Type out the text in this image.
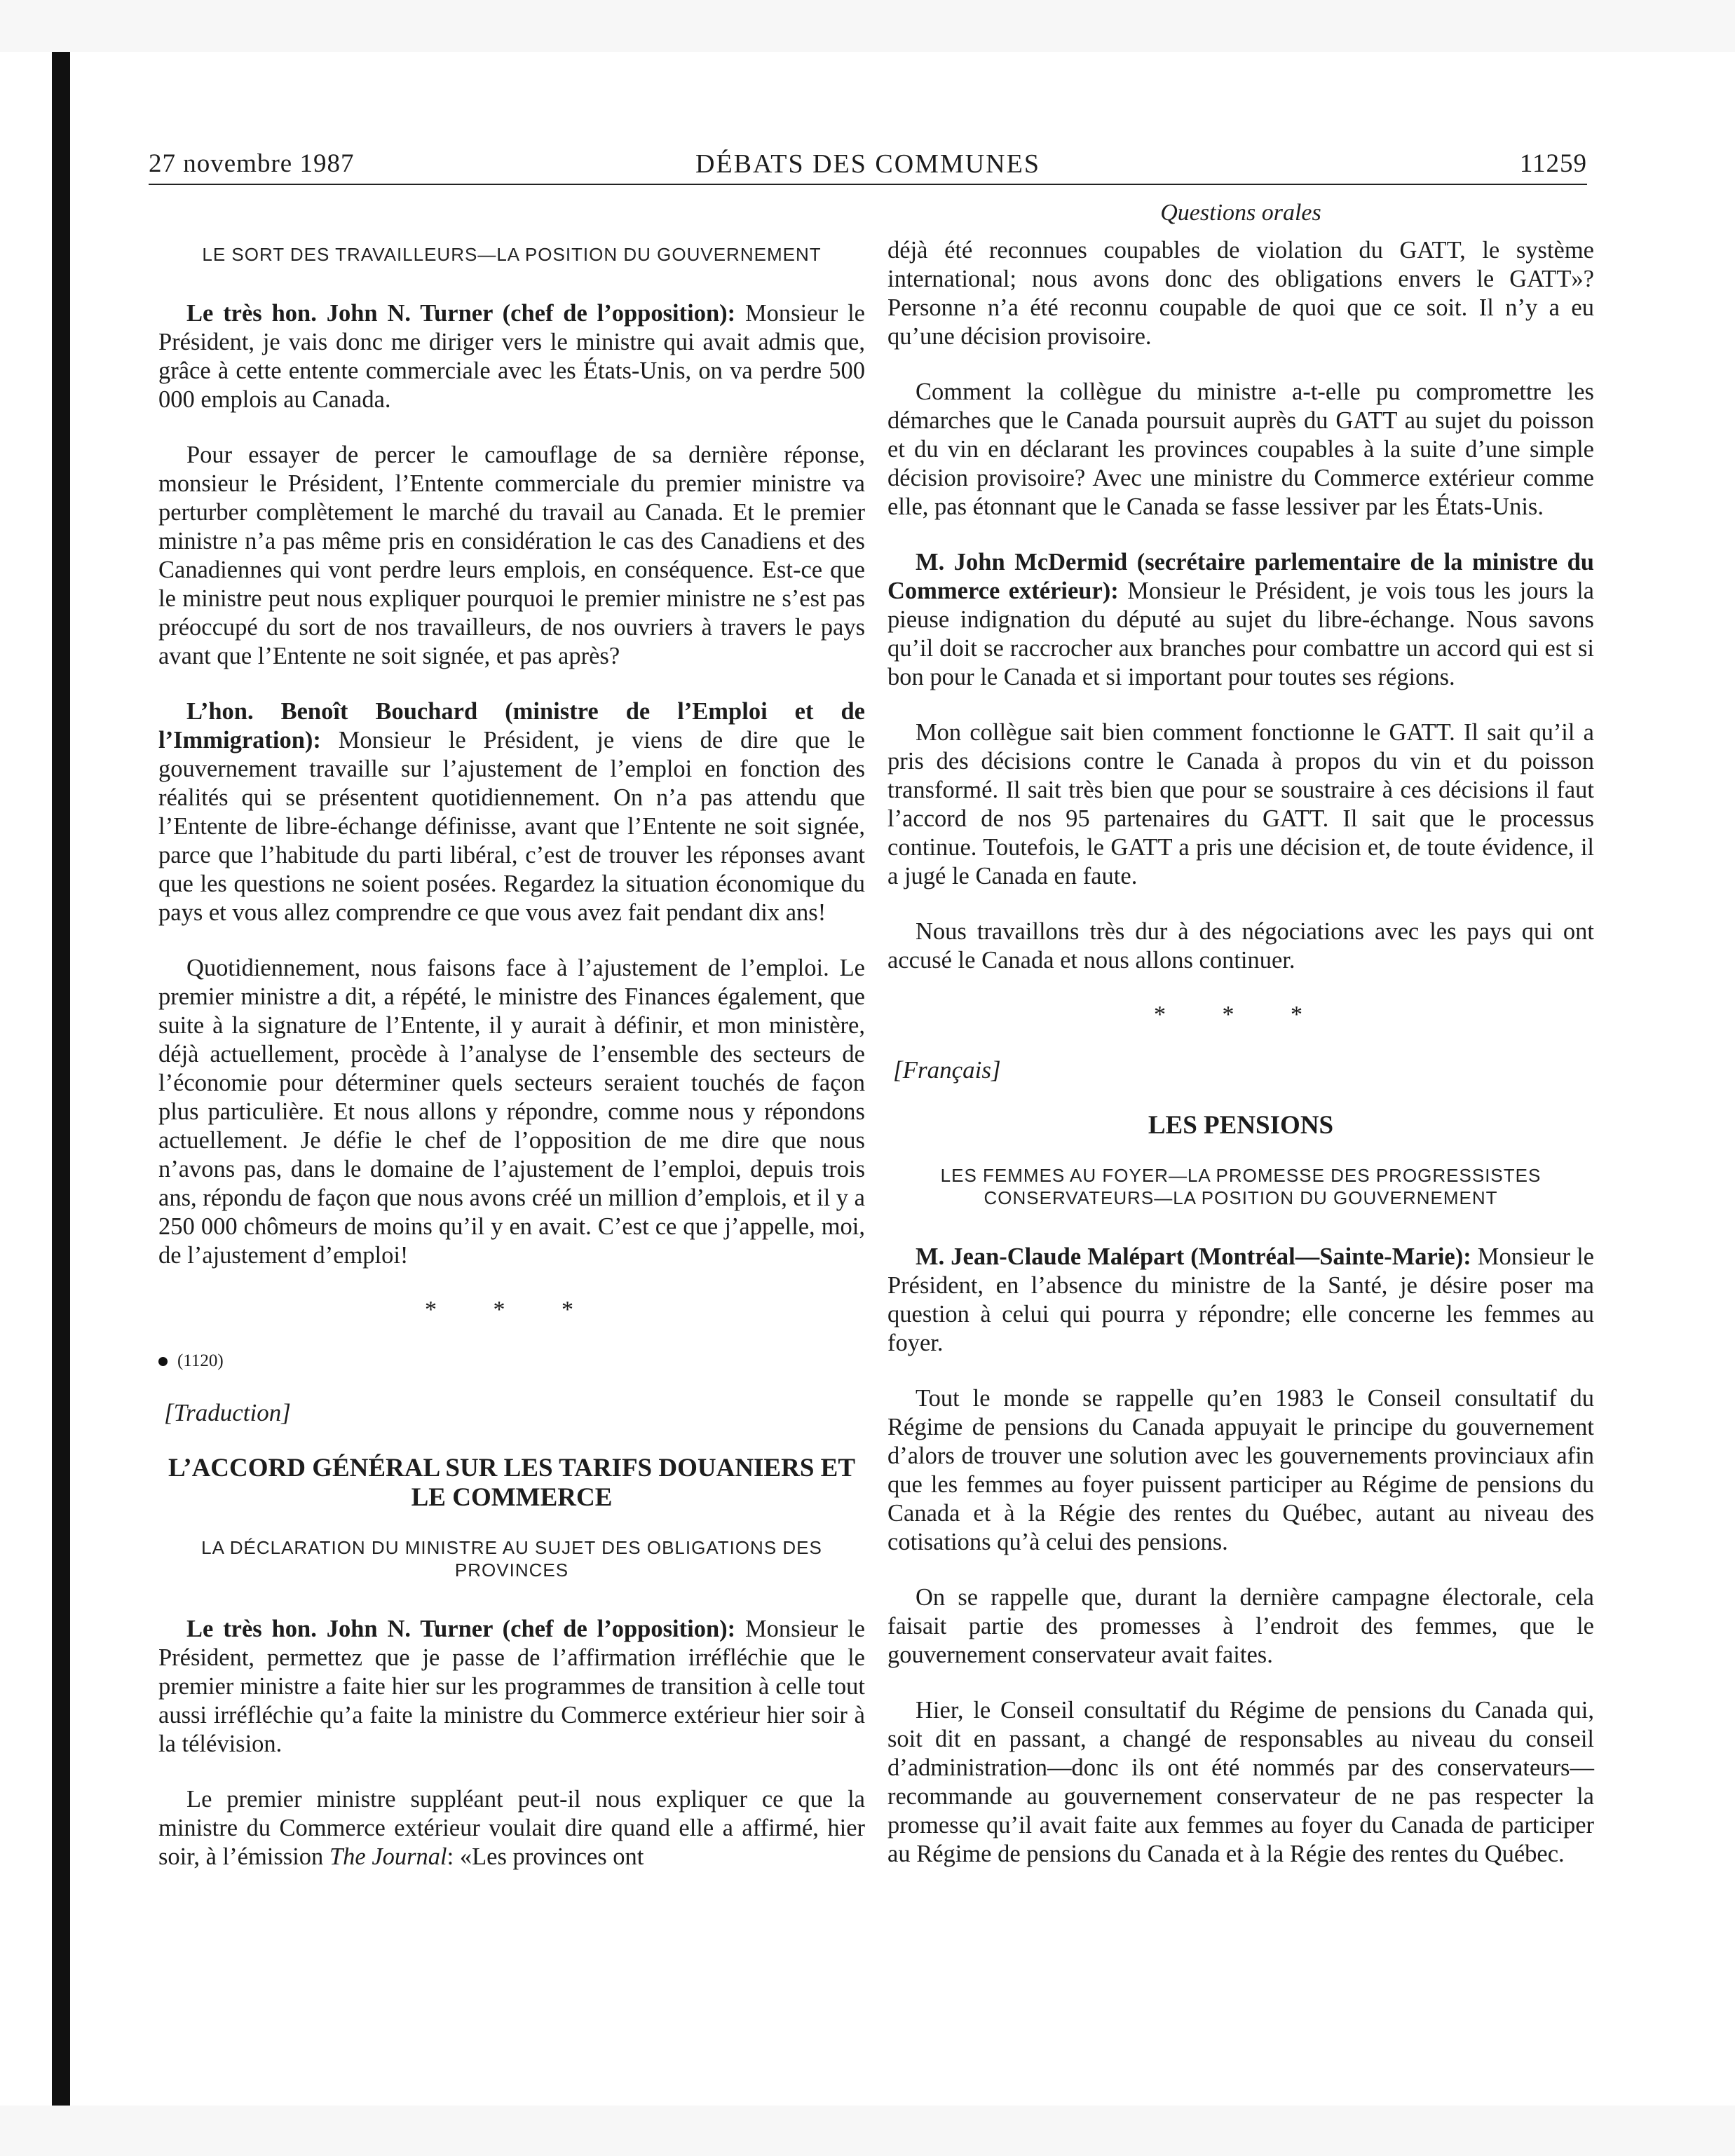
27 novembre 1987	DÉBATS DES COMMUNES	11259
LE SORT DES TRAVAILLEURS—LA POSITION DU GOUVERNEMENT

Le très hon. John N. Turner (chef de l’opposition): Monsieur le Président, je vais donc me diriger vers le ministre qui avait admis que, grâce à cette entente commerciale avec les États-Unis, on va perdre 500 000 emplois au Canada.

Pour essayer de percer le camouflage de sa dernière réponse, monsieur le Président, l’Entente commerciale du premier ministre va perturber complètement le marché du travail au Canada. Et le premier ministre n’a pas même pris en considération le cas des Canadiens et des Canadiennes qui vont perdre leurs emplois, en conséquence. Est-ce que le ministre peut nous expliquer pourquoi le premier ministre ne s’est pas préoccupé du sort de nos travailleurs, de nos ouvriers à travers le pays avant que l’Entente ne soit signée, et pas après?

L’hon. Benoît Bouchard (ministre de l’Emploi et de l’Immigration): Monsieur le Président, je viens de dire que le gouvernement travaille sur l’ajustement de l’emploi en fonction des réalités qui se présentent quotidiennement. On n’a pas attendu que l’Entente de libre-échange définisse, avant que l’Entente ne soit signée, parce que l’habitude du parti libéral, c’est de trouver les réponses avant que les questions ne soient posées. Regardez la situation économique du pays et vous allez comprendre ce que vous avez fait pendant dix ans!

Quotidiennement, nous faisons face à l’ajustement de l’emploi. Le premier ministre a dit, a répété, le ministre des Finances également, que suite à la signature de l’Entente, il y aurait à définir, et mon ministère, déjà actuellement, procède à l’analyse de l’ensemble des secteurs de l’économie pour déterminer quels secteurs seraient touchés de façon plus particulière. Et nous allons y répondre, comme nous y répondons actuellement. Je défie le chef de l’opposition de me dire que nous n’avons pas, dans le domaine de l’ajustement de l’emploi, depuis trois ans, répondu de façon que nous avons créé un million d’emplois, et il y a 250 000 chômeurs de moins qu’il y en avait. C’est ce que j’appelle, moi, de l’ajustement d’emploi!

* * *
(1120)
[Traduction]
L’ACCORD GÉNÉRAL SUR LES TARIFS DOUANIERS ET LE COMMERCE
LA DÉCLARATION DU MINISTRE AU SUJET DES OBLIGATIONS DES PROVINCES

Le très hon. John N. Turner (chef de l’opposition): Monsieur le Président, permettez que je passe de l’affirmation irréfléchie que le premier ministre a faite hier sur les programmes de transition à celle tout aussi irréfléchie qu’a faite la ministre du Commerce extérieur hier soir à la télévision.

Le premier ministre suppléant peut-il nous expliquer ce que la ministre du Commerce extérieur voulait dire quand elle a affirmé, hier soir, à l’émission The Journal: «Les provinces ont

Questions orales

déjà été reconnues coupables de violation du GATT, le système international; nous avons donc des obligations envers le GATT»? Personne n’a été reconnu coupable de quoi que ce soit. Il n’y a eu qu’une décision provisoire.

Comment la collègue du ministre a-t-elle pu compromettre les démarches que le Canada poursuit auprès du GATT au sujet du poisson et du vin en déclarant les provinces coupables à la suite d’une simple décision provisoire? Avec une ministre du Commerce extérieur comme elle, pas étonnant que le Canada se fasse lessiver par les États-Unis.

M. John McDermid (secrétaire parlementaire de la ministre du Commerce extérieur): Monsieur le Président, je vois tous les jours la pieuse indignation du député au sujet du libre-échange. Nous savons qu’il doit se raccrocher aux branches pour combattre un accord qui est si bon pour le Canada et si important pour toutes ses régions.

Mon collègue sait bien comment fonctionne le GATT. Il sait qu’il a pris des décisions contre le Canada à propos du vin et du poisson transformé. Il sait très bien que pour se soustraire à ces décisions il faut l’accord de nos 95 partenaires du GATT. Il sait que le processus continue. Toutefois, le GATT a pris une décision et, de toute évidence, il a jugé le Canada en faute.

Nous travaillons très dur à des négociations avec les pays qui ont accusé le Canada et nous allons continuer.

* * *
[Français]
LES PENSIONS
LES FEMMES AU FOYER—LA PROMESSE DES PROGRESSISTES CONSERVATEURS—LA POSITION DU GOUVERNEMENT

M. Jean-Claude Malépart (Montréal—Sainte-Marie): Monsieur le Président, en l’absence du ministre de la Santé, je désire poser ma question à celui qui pourra y répondre; elle concerne les femmes au foyer.

Tout le monde se rappelle qu’en 1983 le Conseil consultatif du Régime de pensions du Canada appuyait le principe du gouvernement d’alors de trouver une solution avec les gouvernements provinciaux afin que les femmes au foyer puissent participer au Régime de pensions du Canada et à la Régie des rentes du Québec, autant au niveau des cotisations qu’à celui des pensions.

On se rappelle que, durant la dernière campagne électorale, cela faisait partie des promesses à l’endroit des femmes, que le gouvernement conservateur avait faites.

Hier, le Conseil consultatif du Régime de pensions du Canada qui, soit dit en passant, a changé de responsables au niveau du conseil d’administration—donc ils ont été nommés par des conservateurs—recommande au gouvernement conservateur de ne pas respecter la promesse qu’il avait faite aux femmes au foyer du Canada de participer au Régime de pensions du Canada et à la Régie des rentes du Québec.
